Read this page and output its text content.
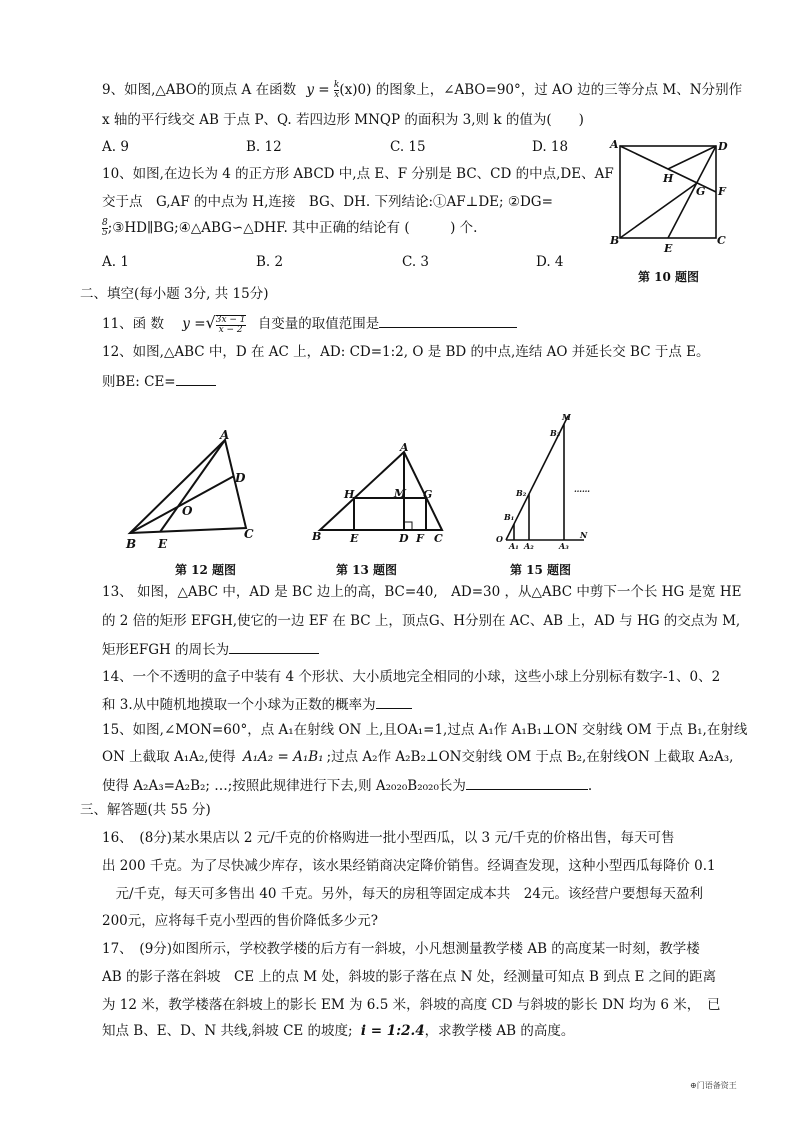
9、如图,△ABO的顶点 A 在函数 $y = \frac{k}{x} (x)0$) 的图象上，∠ABO=90°，过 AO 边的三等分点 M、N分别作
x 轴的平行线交 AB 于点 P、Q. 若四边形 MNQP 的面积为 3,则 k 的值为(　　)
A. 9	B. 12	C. 15	D. 18
10、如图,在边长为 4 的正方形 ABCD 中,点 E、F 分别是 BC、CD 的中点,DE、AF
交于点　G,AF 的中点为 H,连接　BG、DH. 下列结论:①AF⊥DE; ②DG=
$\frac{8}{5}$ ;③HD∥BG;④△ABG∽△DHF. 其中正确的结论有 (　　　) 个.
A. 1	B. 2	C. 3	D. 4
A	D
H
G F
B
E
C
第 10 题图
二、填空(每小题 3分, 共 15分)
11、函 数 y =√ $\frac{3x - 1}{x - 2}$ 自变量的取值范围是
12、如图,△ABC 中，D 在 AC 上，AD: CD=1:2, O 是 BD 的中点,连结 AO 并延长交 BC 于点 E。
则BE: CE=
A
D
O
B E
C
第 12 题图
A
H	M G
B	E	D F C
第 13 题图
M
B₃
B₂
B₁
O
A₁ A₂	A₃
N
……
第 15 题图
13、 如图，△ABC 中，AD 是 BC 边上的高，BC=40,　AD=30 ，从△ABC 中剪下一个长 HG 是宽 HE
的 2 倍的矩形 EFGH,使它的一边 EF 在 BC 上，顶点G、H分别在 AC、AB 上，AD 与 HG 的交点为 M,
矩形EFGH 的周长为
14、一个不透明的盒子中装有 4 个形状、大小质地完全相同的小球，这些小球上分别标有数字-1、0、2
和 3.从中随机地摸取一个小球为正数的概率为
15、如图,∠MON=60°，点 A₁在射线 ON 上,且OA₁=1,过点 A₁作 A₁B₁⊥ON 交射线 OM 于点 B₁,在射线
ON 上截取 A₁A₂,使得 A₁A₂ = A₁B₁ ;过点 A₂作 A₂B₂⊥ON交射线 OM 于点 B₂,在射线ON 上截取 A₂A₃,
使得 A₂A₃=A₂B₂; …;按照此规律进行下去,则 A₂₀₂₀B₂₀₂₀长为	.
三、解答题(共 55 分)
16、　(8分)某水果店以 2 元/千克的价格购进一批小型西瓜，以 3 元/千克的价格出售，每天可售
出 200 千克。为了尽快减少库存，该水果经销商决定降价销售。经调查发现，这种小型西瓜每降价 0.1
　元/千克，每天可多售出 40 千克。另外，每天的房租等固定成本共　24元。该经营户要想每天盈利
200元，应将每千克小型西的售价降低多少元?
17、　(9分)如图所示，学校教学楼的后方有一斜坡，小凡想测量教学楼 AB 的高度某一时刻，教学楼
AB 的影子落在斜坡　CE 上的点 M 处，斜坡的影子落在点 N 处，经测量可知点 B 到点 E 之间的距离
为 12 米，教学楼落在斜坡上的影长 EM 为 6.5 米，斜坡的高度 CD 与斜坡的影长 DN 均为 6 米，　已
知点 B、E、D、N 共线,斜坡 CE 的坡度; i = 1:2.4，求教学楼 AB 的高度。
⊕门语备资王
